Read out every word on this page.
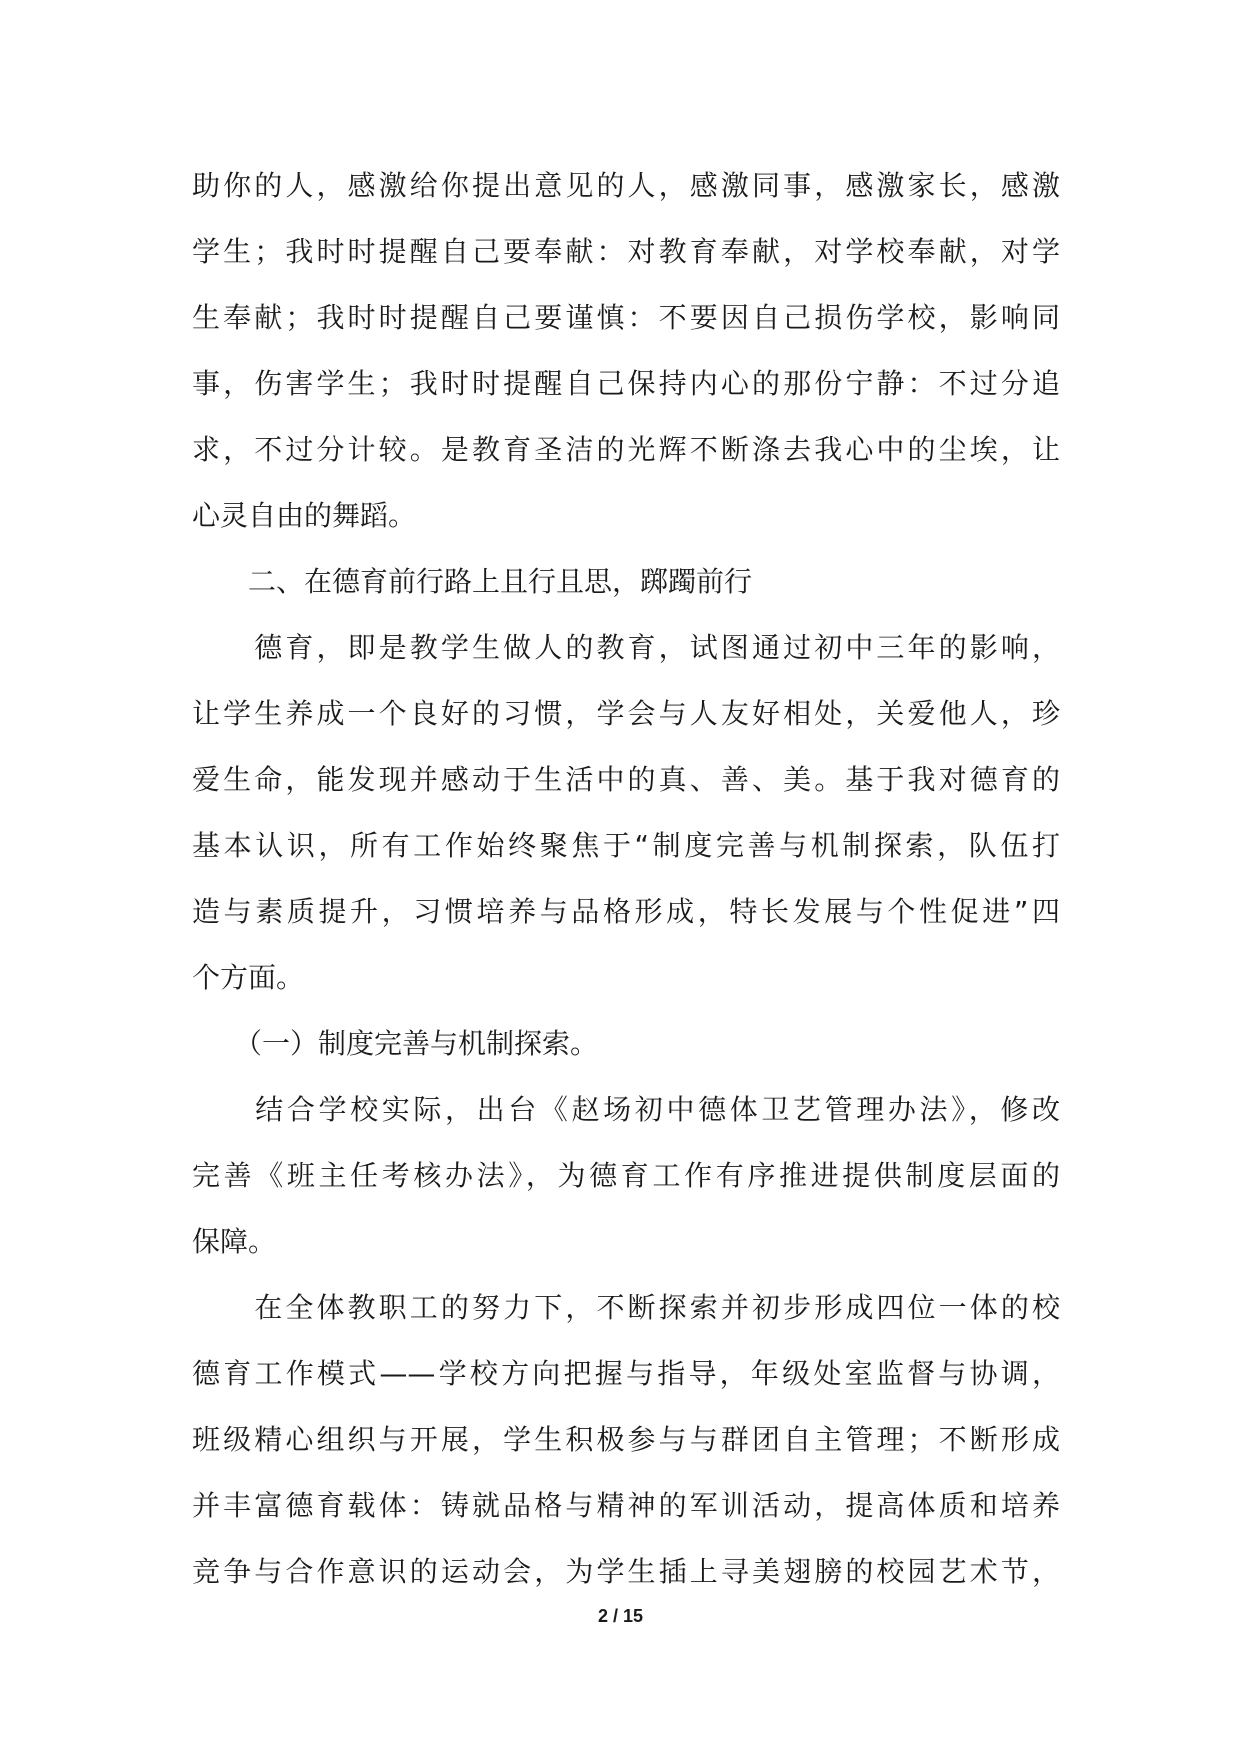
助你的人，感激给你提出意见的人，感激同事，感激家长，感激
学生；我时时提醒自己要奉献：对教育奉献，对学校奉献，对学
生奉献；我时时提醒自己要谨慎：不要因自己损伤学校，影响同
事，伤害学生；我时时提醒自己保持内心的那份宁静：不过分追
求，不过分计较。是教育圣洁的光辉不断涤去我心中的尘埃，让
心灵自由的舞蹈。
　　二、在德育前行路上且行且思，踯躅前行
　　德育，即是教学生做人的教育，试图通过初中三年的影响，
让学生养成一个良好的习惯，学会与人友好相处，关爱他人，珍
爱生命，能发现并感动于生活中的真、善、美。基于我对德育的
基本认识，所有工作始终聚焦于“制度完善与机制探索，队伍打
造与素质提升，习惯培养与品格形成，特长发展与个性促进”四
个方面。
　　（一）制度完善与机制探索。
　　结合学校实际，出台《赵场初中德体卫艺管理办法》，修改
完善《班主任考核办法》，为德育工作有序推进提供制度层面的
保障。
　　在全体教职工的努力下，不断探索并初步形成四位一体的校
德育工作模式——学校方向把握与指导，年级处室监督与协调，
班级精心组织与开展，学生积极参与与群团自主管理；不断形成
并丰富德育载体：铸就品格与精神的军训活动，提高体质和培养
竞争与合作意识的运动会，为学生插上寻美翅膀的校园艺术节，
2 / 15
